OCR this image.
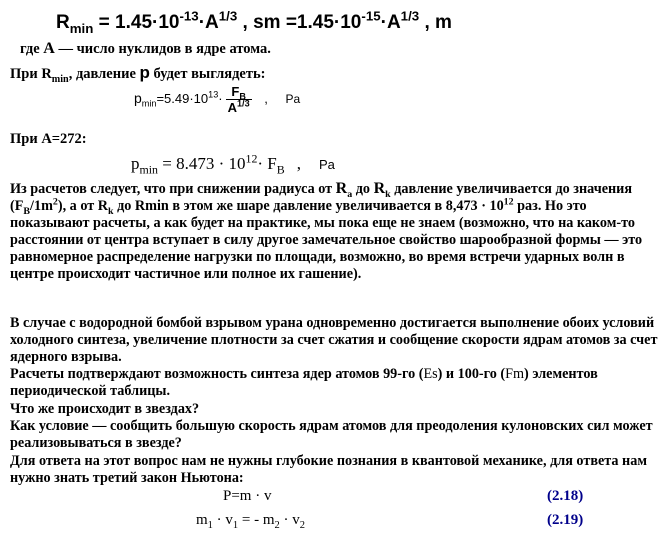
$R_{min} = 1.45\cdot 10^{-13}\cdot A^{1/3}$ , sm $=1.45\cdot 10^{-15}\cdot A^{1/3}$ , m
где A — число нуклидов в ядре атома.
При $R_{min}$, давление p будет выглядеть:
$p_{min}=5.49\cdot 10^{13}\cdot \frac{F_B}{A^{1/3}}$ , Pa
При A=272:
$p_{min} = 8.473 \cdot 10^{12}\cdot F_B$ , Pa
Из расчетов следует, что при снижении радиуса от $R_a$ до $R_k$ давление увеличивается до значения $(F_B/1m^2)$, а от $R_k$ до Rmin в этом же шаре давление увеличивается в $8,473 \cdot 10^{12}$ раз. Но это показывают расчеты, а как будет на практике, мы пока еще не знаем (возможно, что на каком-то расстоянии от центра вступает в силу другое замечательное свойство шарообразной формы — это равномерное распределение нагрузки по площади, возможно, во время встречи ударных волн в центре происходит частичное или полное их гашение).
В случае с водородной бомбой взрывом урана одновременно достигается выполнение обоих условий холодного синтеза, увеличение плотности за счет сжатия и сообщение скорости ядрам атомов за счет ядерного взрыва.
Расчеты подтверждают возможность синтеза ядер атомов 99-го (Es) и 100-го (Fm) элементов периодической таблицы.
Что же происходит в звездах?
Как условие — сообщить большую скорость ядрам атомов для преодоления кулоновских сил может реализовываться в звезде?
Для ответа на этот вопрос нам не нужны глубокие познания в квантовой механике, для ответа нам нужно знать третий закон Ньютона:
P=m · v	(2.18)
$m_1 \cdot v_1$ = - $m_2 \cdot v_2$	(2.19)
